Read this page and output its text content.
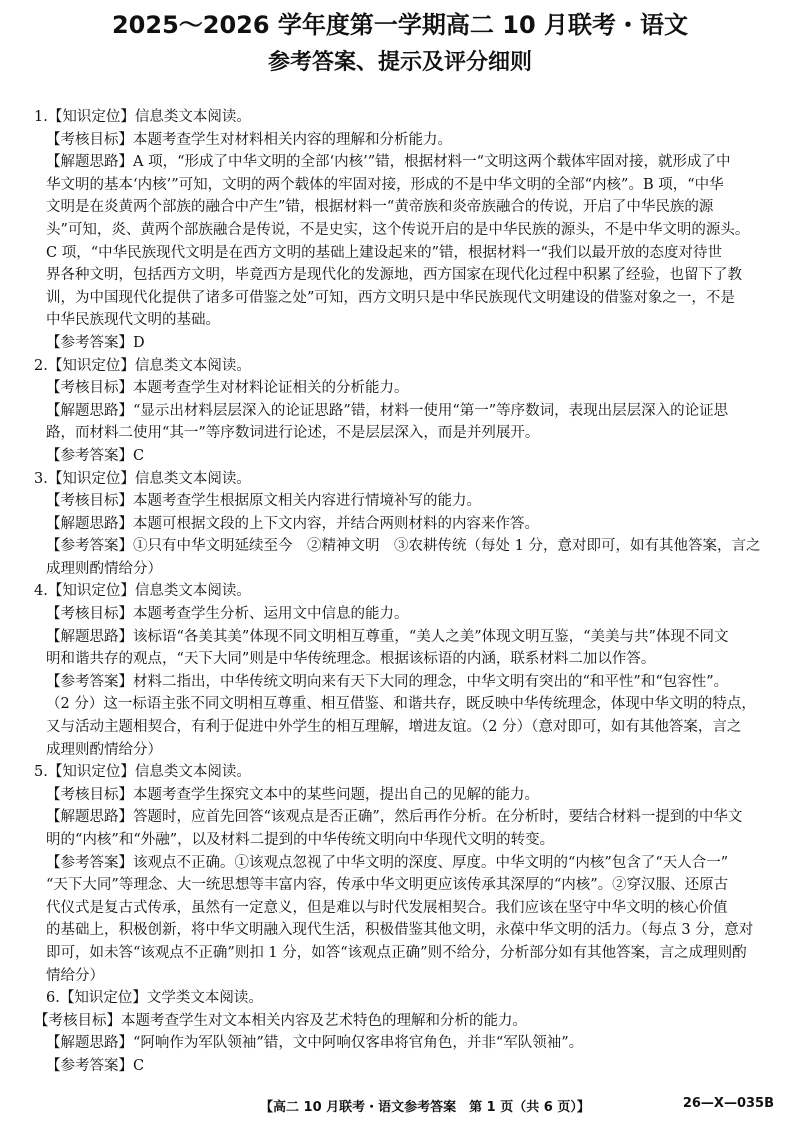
2025～2026 学年度第一学期高二 10 月联考・语文
参考答案、提示及评分细则
1.【知识定位】信息类文本阅读。
【考核目标】本题考查学生对材料相关内容的理解和分析能力。
【解题思路】A 项，“形成了中华文明的全部‘内核’”错，根据材料一“文明这两个载体牢固对接，就形成了中
华文明的基本‘内核’”可知，文明的两个载体的牢固对接，形成的不是中华文明的全部“内核”。B 项，“中华
文明是在炎黄两个部族的融合中产生”错，根据材料一“黄帝族和炎帝族融合的传说，开启了中华民族的源
头”可知，炎、黄两个部族融合是传说，不是史实，这个传说开启的是中华民族的源头，不是中华文明的源头。
C 项，“中华民族现代文明是在西方文明的基础上建设起来的”错，根据材料一“我们以最开放的态度对待世
界各种文明，包括西方文明，毕竟西方是现代化的发源地，西方国家在现代化过程中积累了经验，也留下了教
训，为中国现代化提供了诸多可借鉴之处”可知，西方文明只是中华民族现代文明建设的借鉴对象之一，不是
中华民族现代文明的基础。
【参考答案】D
2.【知识定位】信息类文本阅读。
【考核目标】本题考查学生对材料论证相关的分析能力。
【解题思路】“显示出材料层层深入的论证思路”错，材料一使用“第一”等序数词，表现出层层深入的论证思
路，而材料二使用“其一”等序数词进行论述，不是层层深入，而是并列展开。
【参考答案】C
3.【知识定位】信息类文本阅读。
【考核目标】本题考查学生根据原文相关内容进行情境补写的能力。
【解题思路】本题可根据文段的上下文内容，并结合两则材料的内容来作答。
【参考答案】①只有中华文明延续至今　②精神文明　③农耕传统（每处 1 分，意对即可，如有其他答案，言之
成理则酌情给分）
4.【知识定位】信息类文本阅读。
【考核目标】本题考查学生分析、运用文中信息的能力。
【解题思路】该标语“各美其美”体现不同文明相互尊重，“美人之美”体现文明互鉴，“美美与共”体现不同文
明和谐共存的观点，“天下大同”则是中华传统理念。根据该标语的内涵，联系材料二加以作答。
【参考答案】材料二指出，中华传统文明向来有天下大同的理念，中华文明有突出的“和平性”和“包容性”。
（2 分）这一标语主张不同文明相互尊重、相互借鉴、和谐共存，既反映中华传统理念，体现中华文明的特点，
又与活动主题相契合，有利于促进中外学生的相互理解，增进友谊。（2 分）（意对即可，如有其他答案，言之
成理则酌情给分）
5.【知识定位】信息类文本阅读。
【考核目标】本题考查学生探究文本中的某些问题，提出自己的见解的能力。
【解题思路】答题时，应首先回答“该观点是否正确”，然后再作分析。在分析时，要结合材料一提到的中华文
明的“内核”和“外融”，以及材料二提到的中华传统文明向中华现代文明的转变。
【参考答案】该观点不正确。①该观点忽视了中华文明的深度、厚度。中华文明的“内核”包含了“天人合一”
“天下大同”等理念、大一统思想等丰富内容，传承中华文明更应该传承其深厚的“内核”。②穿汉服、还原古
代仪式是复古式传承，虽然有一定意义，但是难以与时代发展相契合。我们应该在坚守中华文明的核心价值
的基础上，积极创新，将中华文明融入现代生活，积极借鉴其他文明，永葆中华文明的活力。（每点 3 分，意对
即可，如未答“该观点不正确”则扣 1 分，如答“该观点正确”则不给分，分析部分如有其他答案，言之成理则酌
情给分）
6.【知识定位】文学类文本阅读。
【考核目标】本题考查学生对文本相关内容及艺术特色的理解和分析的能力。
【解题思路】“阿响作为军队领袖”错，文中阿响仅客串将官角色，并非“军队领袖”。
【参考答案】C
【高二 10 月联考・语文参考答案　第 1 页（共 6 页）】	26—X—035B
